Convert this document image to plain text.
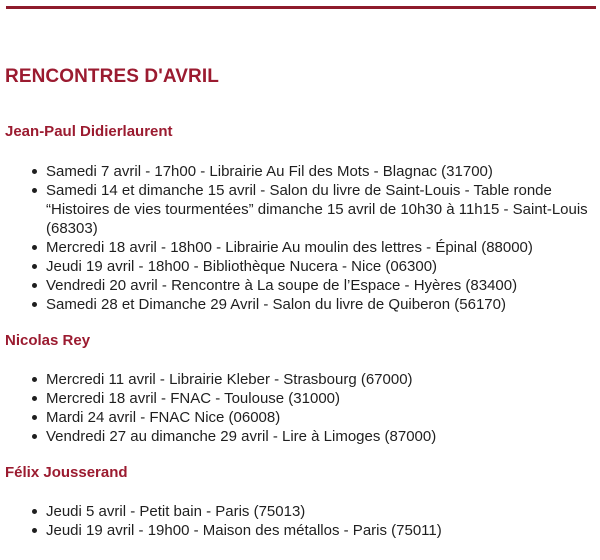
RENCONTRES D'AVRIL
Jean-Paul Didierlaurent
Samedi 7 avril - 17h00 - Librairie Au Fil des Mots - Blagnac (31700)
Samedi 14 et dimanche 15 avril - Salon du livre de Saint-Louis - Table ronde “Histoires de vies tourmentées” dimanche 15 avril de 10h30 à 11h15 - Saint-Louis (68303)
Mercredi 18 avril - 18h00 - Librairie Au moulin des lettres - Épinal (88000)
Jeudi 19 avril - 18h00 - Bibliothèque Nucera - Nice (06300)
Vendredi 20 avril - Rencontre à La soupe de l’Espace - Hyères (83400)
Samedi 28 et Dimanche 29 Avril - Salon du livre de Quiberon (56170)
Nicolas Rey
Mercredi 11 avril - Librairie Kleber - Strasbourg (67000)
Mercredi 18 avril - FNAC - Toulouse (31000)
Mardi 24 avril - FNAC Nice (06008)
Vendredi 27 au dimanche 29 avril - Lire à Limoges (87000)
Félix Jousserand
Jeudi 5 avril - Petit bain - Paris (75013)
Jeudi 19 avril - 19h00 - Maison des métallos - Paris (75011)
